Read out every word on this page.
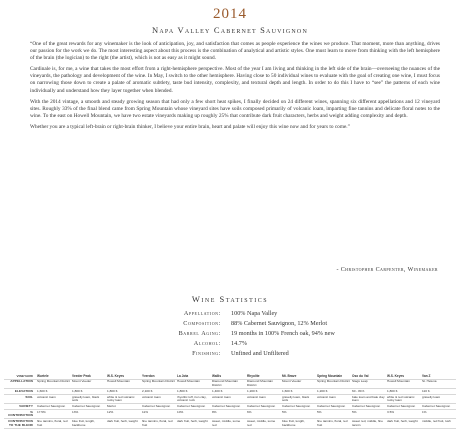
2014
Napa Valley Cabernet Sauvignon

“One of the great rewards for any winemaker is the look of anticipation, joy, and satisfaction that comes as people experience the wines we produce. That moment, more than anything, drives our passion for the work we do. The most interesting aspect about this process is the combination of analytical and artistic styles. One must learn to move from thinking with the left hemisphere of the brain (the logician) to the right (the artist), which is not as easy as it might sound.

Cardinale is, for me, a wine that takes the most effort from a right-hemisphere perspective. Most of the year I am living and thinking in the left side of the brain—overseeing the nuances of the vineyards, the pathology and development of the wine. In May, I switch to the other hemisphere. Having close to 50 individual wines to evaluate with the goal of creating one wine, I must focus on narrowing those down to create a palate of aromatic subtlety, taste bud intensity, complexity, and textural depth and length. In order to do this I have to “see” the patterns of each wine individually and understand how they layer together when blended.

With the 2014 vintage, a smooth and steady growing season that had only a few short heat spikes, I finally decided on 24 different wines, spanning six different appellations and 12 vineyard sites. Roughly 33% of the final blend came from Spring Mountain whose vineyard sites have soils composed primarily of volcanic loam, imparting fine tannins and delicate floral notes to the wine. To the east on Howell Mountain, we have two estate vineyards making up roughly 25% that contribute dark fruit characters, herbs and weight adding complexity and depth.

Whether you are a typical left-brain or right-brain thinker, I believe your entire brain, heart and palate will enjoy this wine now and for years to come.”

- Christopher Carpenter, Winemaker
Wine Statistics
Appellation: 100% Napa Valley
Composition: 88% Cabernet Sauvignon, 12% Merlot
Barrel Aging: 19 months in 100% French oak, 94% new
Alcohol: 14.7%
Finishing: Unfined and Unfiltered
VINEYARD	Wurtele	Veeder Peak	W.S. Keyes	Yverdon	La Jota	Wallis	Rhyolite	Mt. Brave	Spring Mountain	Oso du Val	W.S. Keyes	Van Z
APPELLATION	Spring Mountain District	Mount Veeder	Howell Mountain	Spring Mountain District	Howell Mountain	Diamond Mountain District	Diamond Mountain District	Mount Veeder	Spring Mountain District	Stags Leap	Howell Mountain	St. Helena
ELEVATION	1,600 ft.	1,800 ft.	1,800 ft.	2,100 ft.	1,800 ft.	1,400 ft.	1,200 ft.	1,600 ft.	1,200 ft.	60 - 80 ft.	1,800 ft.	110 ft.
SOIL	volcanic loam	gravelly loam, black soils	white & red volcanic rocky loam	volcanic loam	rhyolitic tuff, iron clay, volcanic rock	volcanic loam	volcanic loam	gravelly loam, black soils	volcanic loam	bale loam and bale clay loam	white & red volcanic rocky loam	gravelly loam
VARIETY	Cabernet Sauvignon	Cabernet Sauvignon	Merlot	Cabernet Sauvignon	Cabernet Sauvignon	Cabernet Sauvignon	Cabernet Sauvignon	Cabernet Sauvignon	Cabernet Sauvignon	Cabernet Sauvignon	Cabernet Sauvignon	Cabernet Sauvignon
% CONTRIBUTION	17.5%	13%	12%	11%	10%	8%	6%	5%	5%	5%	3.5%	1%
CONTRIBUTION TO THE BLEND	fine tannins, floral, red fruit	blue fruit, length, backbone	dark fruit, herb, weight	fine tannins, floral, red fruit	dark fruit, herb, weight	sweet, middle, some red	sweet, middle, some red	blue fruit, length, backbone	fine tannins, floral, red fruit	sweet red, middle, fine tannin	dark fruit, herb, weight	middle, red fruit, lush
